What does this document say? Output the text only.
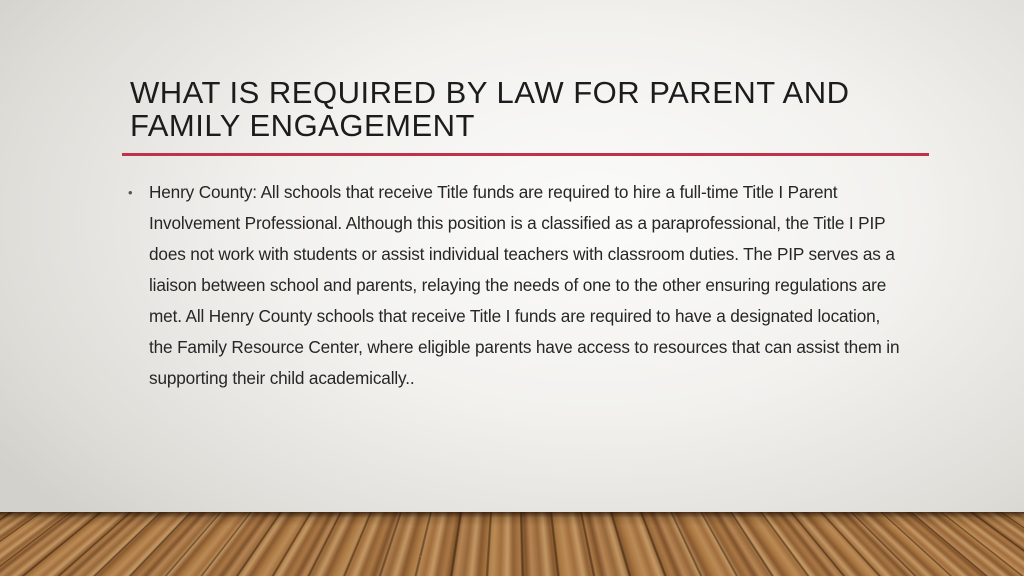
WHAT IS REQUIRED BY LAW FOR PARENT AND FAMILY ENGAGEMENT
• Henry County: All schools that receive Title funds are required to hire a full-time Title I Parent Involvement Professional. Although this position is a classified as a paraprofessional, the Title I PIP does not work with students or assist individual teachers with classroom duties. The PIP serves as a liaison between school and parents, relaying the needs of one to the other ensuring regulations are met. All Henry County schools that receive Title I funds are required to have a designated location, the Family Resource Center, where eligible parents have access to resources that can assist them in supporting their child academically..
